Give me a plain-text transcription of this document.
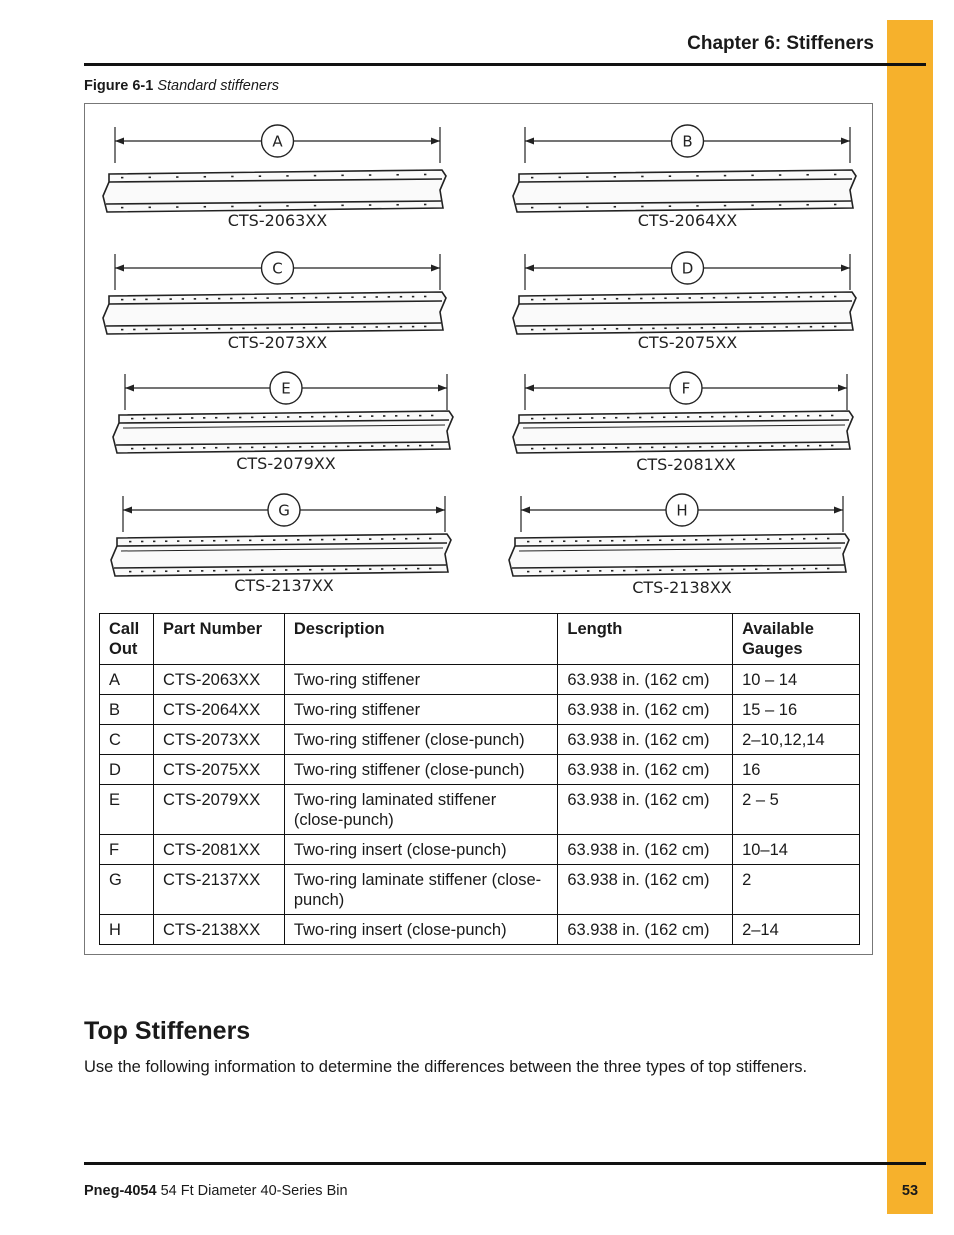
Chapter 6: Stiffeners
Figure 6-1 Standard stiffeners
A
CTS-2063XX
B
CTS-2064XX
C
CTS-2073XX
D
CTS-2075XX
E
CTS-2079XX
F
CTS-2081XX
G
CTS-2137XX
H
CTS-2138XX
Call Out	Part Number	Description	Length	Available Gauges
A	CTS-2063XX	Two-ring stiffener	63.938 in. (162 cm)	10 – 14
B	CTS-2064XX	Two-ring stiffener	63.938 in. (162 cm)	15 – 16
C	CTS-2073XX	Two-ring stiffener (close-punch)	63.938 in. (162 cm)	2–10,12,14
D	CTS-2075XX	Two-ring stiffener (close-punch)	63.938 in. (162 cm)	16
E	CTS-2079XX	Two-ring laminated stiffener (close-punch)	63.938 in. (162 cm)	2 – 5
F	CTS-2081XX	Two-ring insert (close-punch)	63.938 in. (162 cm)	10–14
G	CTS-2137XX	Two-ring laminate stiffener (close-punch)	63.938 in. (162 cm)	2
H	CTS-2138XX	Two-ring insert (close-punch)	63.938 in. (162 cm)	2–14
Top Stiffeners

Use the following information to determine the differences between the three types of top stiffeners.

Pneg-4054 54 Ft Diameter 40-Series Bin	53
